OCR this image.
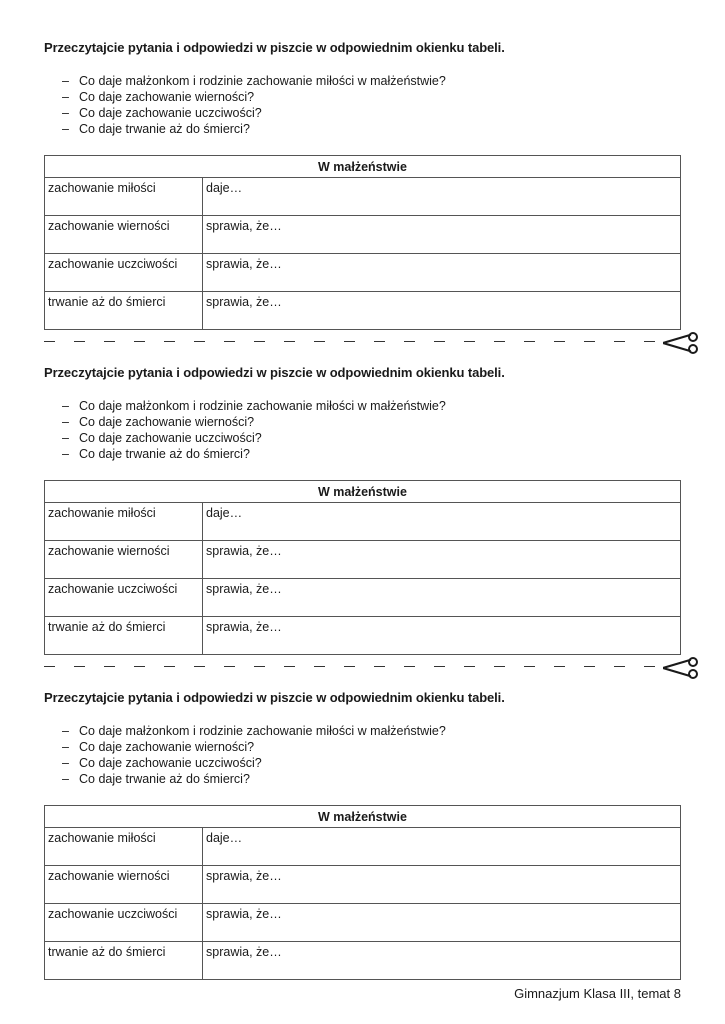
Przeczytajcie pytania i odpowiedzi w piszcie w odpowiednim okienku tabeli.
– Co daje małżonkom i rodzinie zachowanie miłości w małżeństwie?
– Co daje zachowanie wierności?
– Co daje zachowanie uczciwości?
– Co daje trwanie aż do śmierci?
W małżeństwie	
zachowanie miłości	daje…
zachowanie wierności	sprawia, że…
zachowanie uczciwości	sprawia, że…
trwanie aż do śmierci	sprawia, że…
Przeczytajcie pytania i odpowiedzi w piszcie w odpowiednim okienku tabeli.
– Co daje małżonkom i rodzinie zachowanie miłości w małżeństwie?
– Co daje zachowanie wierności?
– Co daje zachowanie uczciwości?
– Co daje trwanie aż do śmierci?
W małżeństwie	
zachowanie miłości	daje…
zachowanie wierności	sprawia, że…
zachowanie uczciwości	sprawia, że…
trwanie aż do śmierci	sprawia, że…
Przeczytajcie pytania i odpowiedzi w piszcie w odpowiednim okienku tabeli.
– Co daje małżonkom i rodzinie zachowanie miłości w małżeństwie?
– Co daje zachowanie wierności?
– Co daje zachowanie uczciwości?
– Co daje trwanie aż do śmierci?
W małżeństwie	
zachowanie miłości	daje…
zachowanie wierności	sprawia, że…
zachowanie uczciwości	sprawia, że…
trwanie aż do śmierci	sprawia, że…
Gimnazjum Klasa III, temat 8
